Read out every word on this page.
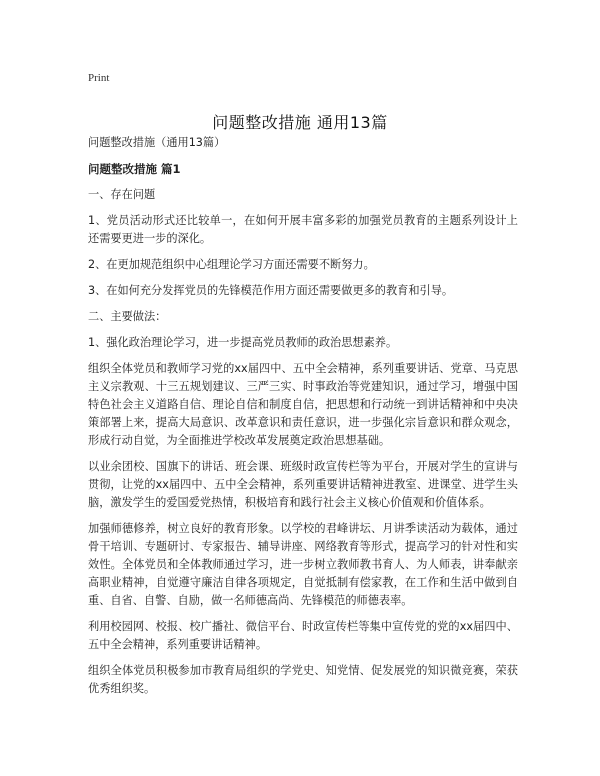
Print
问题整改措施 通用13篇

问题整改措施（通用13篇）

问题整改措施 篇1

一、存在问题

1、党员活动形式还比较单一，在如何开展丰富多彩的加强党员教育的主题系列设计上还需要更进一步的深化。

2、在更加规范组织中心组理论学习方面还需要不断努力。

3、在如何充分发挥党员的先锋模范作用方面还需要做更多的教育和引导。

二、主要做法：

1、强化政治理论学习，进一步提高党员教师的政治思想素养。

组织全体党员和教师学习党的xx届四中、五中全会精神，系列重要讲话、党章、马克思主义宗教观、十三五规划建议、三严三实、时事政治等党建知识，通过学习，增强中国特色社会主义道路自信、理论自信和制度自信，把思想和行动统一到讲话精神和中央决策部署上来，提高大局意识、改革意识和责任意识，进一步强化宗旨意识和群众观念，形成行动自觉，为全面推进学校改革发展奠定政治思想基础。

以业余团校、国旗下的讲话、班会课、班级时政宣传栏等为平台，开展对学生的宣讲与贯彻，让党的xx届四中、五中全会精神，系列重要讲话精神进教室、进课堂、进学生头脑，激发学生的爱国爱党热情，积极培育和践行社会主义核心价值观和价值体系。

加强师德修养，树立良好的教育形象。以学校的君峰讲坛、月讲季读活动为载体，通过骨干培训、专题研讨、专家报告、辅导讲座、网络教育等形式，提高学习的针对性和实效性。全体党员和全体教师通过学习，进一步树立教师教书育人、为人师表，讲奉献亲高职业精神，自觉遵守廉洁自律各项规定，自觉抵制有偿家教，在工作和生活中做到自重、自省、自警、自励，做一名师德高尚、先锋模范的师德表率。

利用校园网、校报、校广播社、微信平台、时政宣传栏等集中宣传党的党的xx届四中、五中全会精神，系列重要讲话精神。

组织全体党员积极参加市教育局组织的学党史、知党情、促发展党的知识微竞赛，荣获优秀组织奖。
